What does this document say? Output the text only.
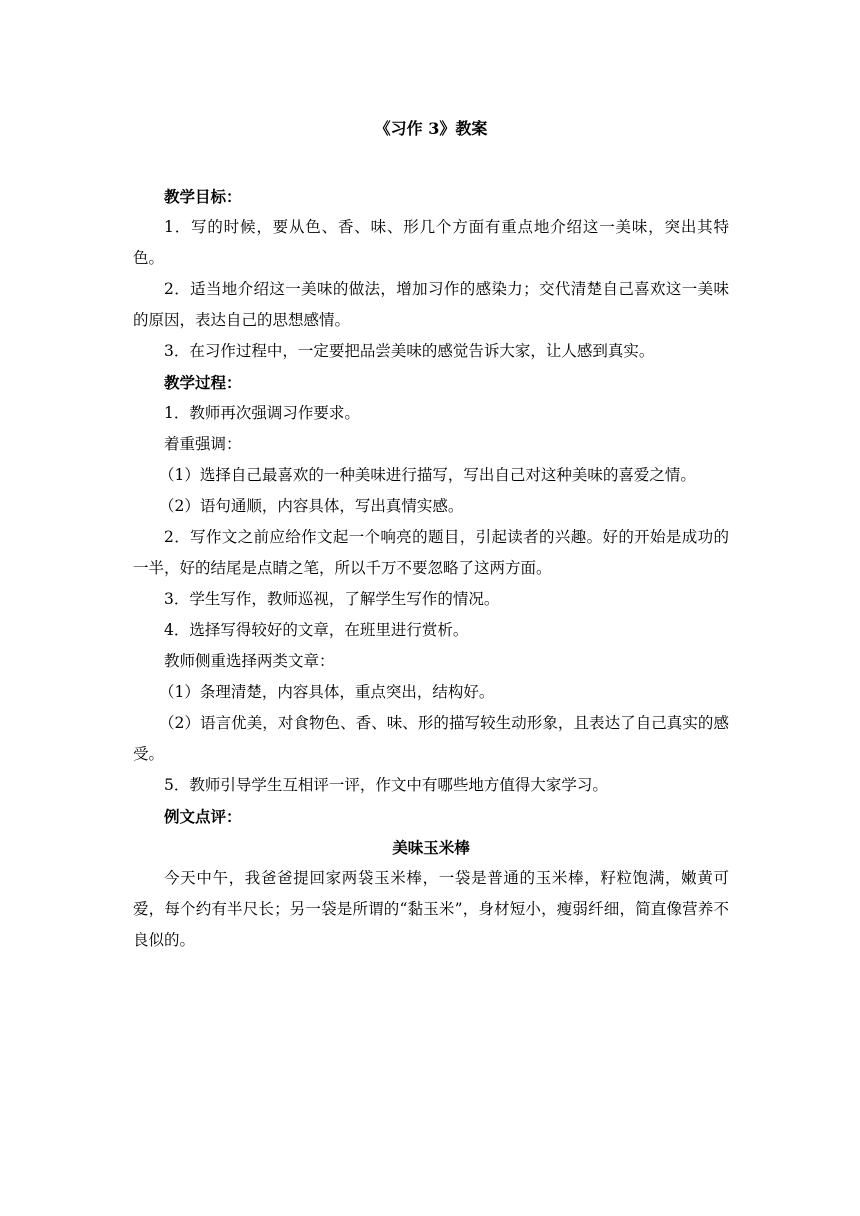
《习作 3》教案

教学目标：

1．写的时候，要从色、香、味、形几个方面有重点地介绍这一美味，突出其特色。

2．适当地介绍这一美味的做法，增加习作的感染力；交代清楚自己喜欢这一美味的原因，表达自己的思想感情。

3．在习作过程中，一定要把品尝美味的感觉告诉大家，让人感到真实。

教学过程：

1．教师再次强调习作要求。

着重强调：

（1）选择自己最喜欢的一种美味进行描写，写出自己对这种美味的喜爱之情。

（2）语句通顺，内容具体，写出真情实感。

2．写作文之前应给作文起一个响亮的题目，引起读者的兴趣。好的开始是成功的一半，好的结尾是点睛之笔，所以千万不要忽略了这两方面。

3．学生写作，教师巡视，了解学生写作的情况。

4．选择写得较好的文章，在班里进行赏析。

教师侧重选择两类文章：

（1）条理清楚，内容具体，重点突出，结构好。

（2）语言优美，对食物色、香、味、形的描写较生动形象，且表达了自己真实的感受。

5．教师引导学生互相评一评，作文中有哪些地方值得大家学习。

例文点评：

美味玉米棒

今天中午，我爸爸提回家两袋玉米棒，一袋是普通的玉米棒，籽粒饱满，嫩黄可爱，每个约有半尺长；另一袋是所谓的“黏玉米”，身材短小，瘦弱纤细，简直像营养不良似的。
